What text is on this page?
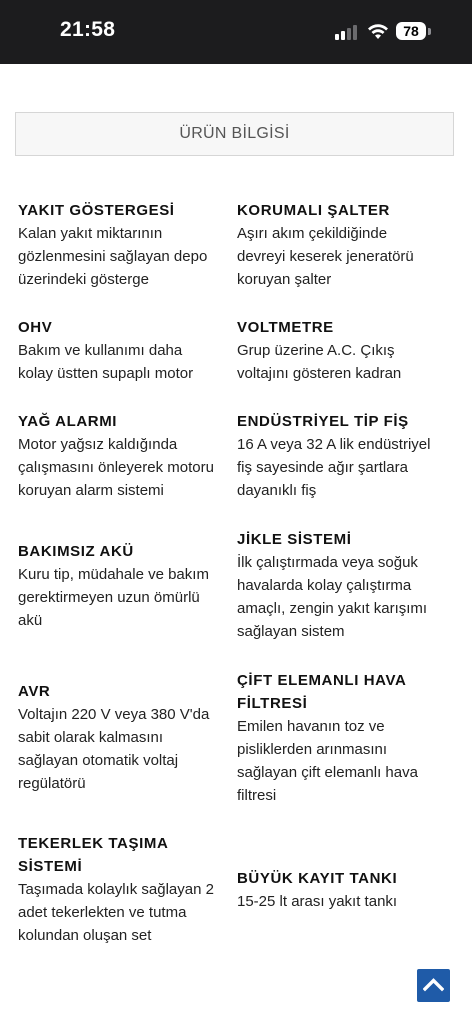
21:58	78
ÜRÜN BİLGİSİ

YAKIT GÖSTERGESİ

Kalan yakıt miktarının

gözlenmesini sağlayan depo

üzerindeki gösterge

KORUMALI ŞALTER

Aşırı akım çekildiğinde

devreyi keserek jeneratörü

koruyan şalter

OHV

Bakım ve kullanımı daha

kolay üstten supaplı motor

VOLTMETRE

Grup üzerine A.C. Çıkış

voltajını gösteren kadran

YAĞ ALARMI

Motor yağsız kaldığında

çalışmasını önleyerek motoru

koruyan alarm sistemi

ENDÜSTRİYEL TİP FİŞ

16 A veya 32 A lik endüstriyel

fiş sayesinde ağır şartlara

dayanıklı fiş

BAKIMSIZ AKÜ

Kuru tip, müdahale ve bakım

gerektirmeyen uzun ömürlü

akü

JİKLE SİSTEMİ

İlk çalıştırmada veya soğuk

havalarda kolay çalıştırma

amaçlı, zengin yakıt karışımı

sağlayan sistem

AVR

Voltajın 220 V veya 380 V'da

sabit olarak kalmasını

sağlayan otomatik voltaj

regülatörü

ÇİFT ELEMANLI HAVA

FİLTRESİ

Emilen havanın toz ve

pisliklerden arınmasını

sağlayan çift elemanlı hava

filtresi

TEKERLEK TAŞIMA

SİSTEMİ

Taşımada kolaylık sağlayan 2

adet tekerlekten ve tutma

kolundan oluşan set

BÜYÜK KAYIT TANKI

15-25 lt arası yakıt tankı
